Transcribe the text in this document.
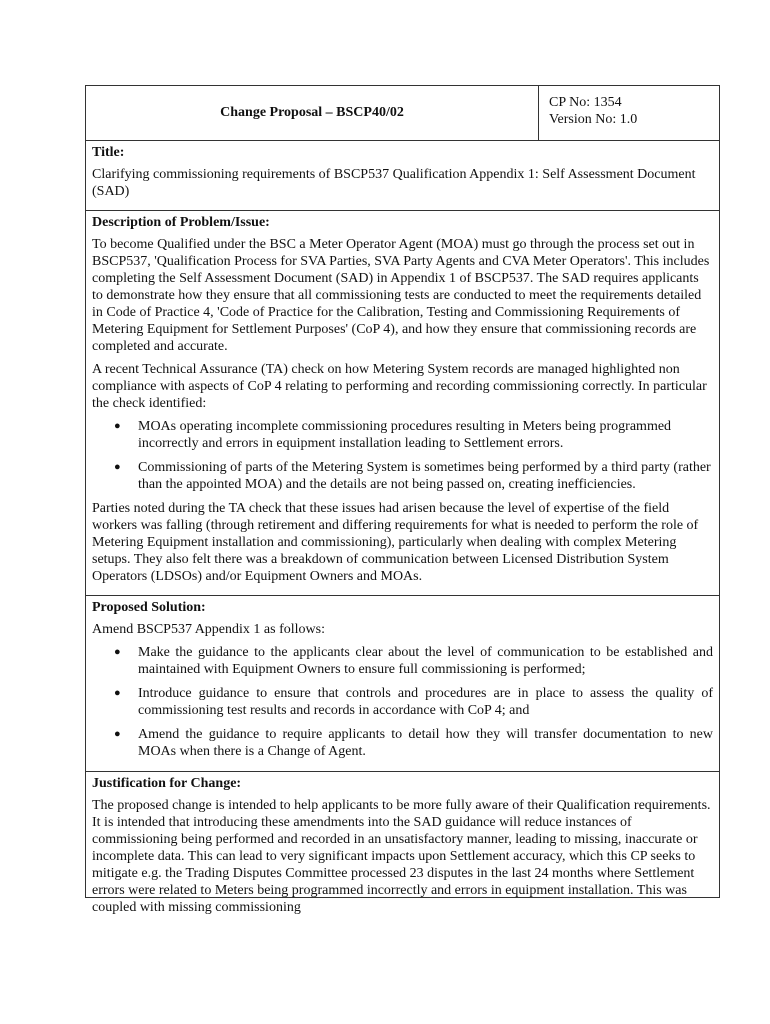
Change Proposal – BSCP40/02	
CP No: 1354
Version No: 1.0

Title:

Clarifying commissioning requirements of BSCP537 Qualification Appendix 1: Self Assessment Document (SAD)

Description of Problem/Issue:

To become Qualified under the BSC a Meter Operator Agent (MOA) must go through the process set out in BSCP537, 'Qualification Process for SVA Parties, SVA Party Agents and CVA Meter Operators'. This includes completing the Self Assessment Document (SAD) in Appendix 1 of BSCP537. The SAD requires applicants to demonstrate how they ensure that all commissioning tests are conducted to meet the requirements detailed in Code of Practice 4, 'Code of Practice for the Calibration, Testing and Commissioning Requirements of Metering Equipment for Settlement Purposes' (CoP 4), and how they ensure that commissioning records are completed and accurate.

A recent Technical Assurance (TA) check on how Metering System records are managed highlighted non compliance with aspects of CoP 4 relating to performing and recording commissioning correctly. In particular the check identified:

● MOAs operating incomplete commissioning procedures resulting in Meters being programmed incorrectly and errors in equipment installation leading to Settlement errors.
● Commissioning of parts of the Metering System is sometimes being performed by a third party (rather than the appointed MOA) and the details are not being passed on, creating inefficiencies.

Parties noted during the TA check that these issues had arisen because the level of expertise of the field workers was falling (through retirement and differing requirements for what is needed to perform the role of Metering Equipment installation and commissioning), particularly when dealing with complex Metering setups. They also felt there was a breakdown of communication between Licensed Distribution System Operators (LDSOs) and/or Equipment Owners and MOAs.

Proposed Solution:

Amend BSCP537 Appendix 1 as follows:

● Make the guidance to the applicants clear about the level of communication to be established and maintained with Equipment Owners to ensure full commissioning is performed;
● Introduce guidance to ensure that controls and procedures are in place to assess the quality of commissioning test results and records in accordance with CoP 4; and
● Amend the guidance to require applicants to detail how they will transfer documentation to new MOAs when there is a Change of Agent.

Justification for Change:

The proposed change is intended to help applicants to be more fully aware of their Qualification requirements. It is intended that introducing these amendments into the SAD guidance will reduce instances of commissioning being performed and recorded in an unsatisfactory manner, leading to missing, inaccurate or incomplete data. This can lead to very significant impacts upon Settlement accuracy, which this CP seeks to mitigate e.g. the Trading Disputes Committee processed 23 disputes in the last 24 months where Settlement errors were related to Meters being programmed incorrectly and errors in equipment installation. This was coupled with missing commissioning
